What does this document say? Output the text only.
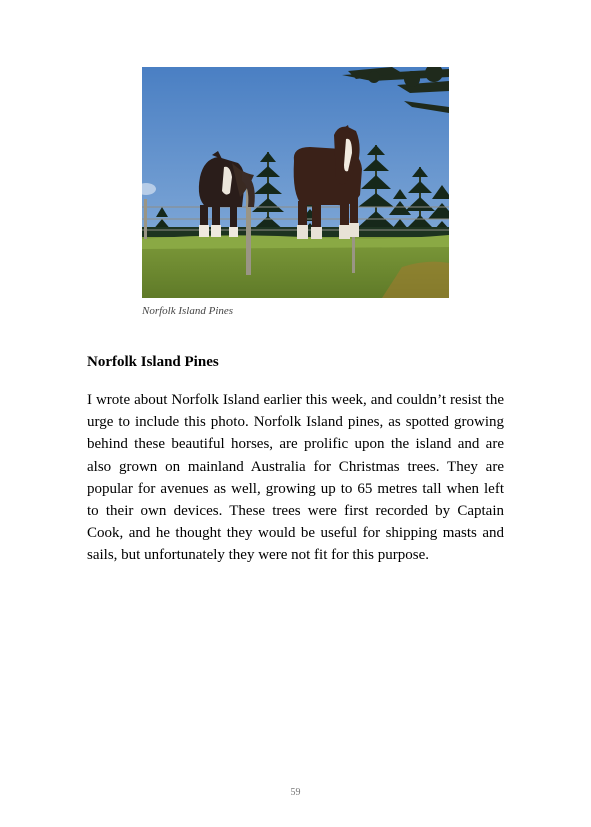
Norfolk Island Pines
Norfolk Island Pines
I wrote about Norfolk Island earlier this week, and couldn’t resist the urge to include this photo. Norfolk Island pines, as spotted growing behind these beautiful horses, are prolific upon the island and are also grown on mainland Australia for Christmas trees. They are popular for avenues as well, growing up to 65 metres tall when left to their own devices. These trees were first recorded by Captain Cook, and he thought they would be useful for shipping masts and sails, but unfortunately they were not fit for this purpose.
59
